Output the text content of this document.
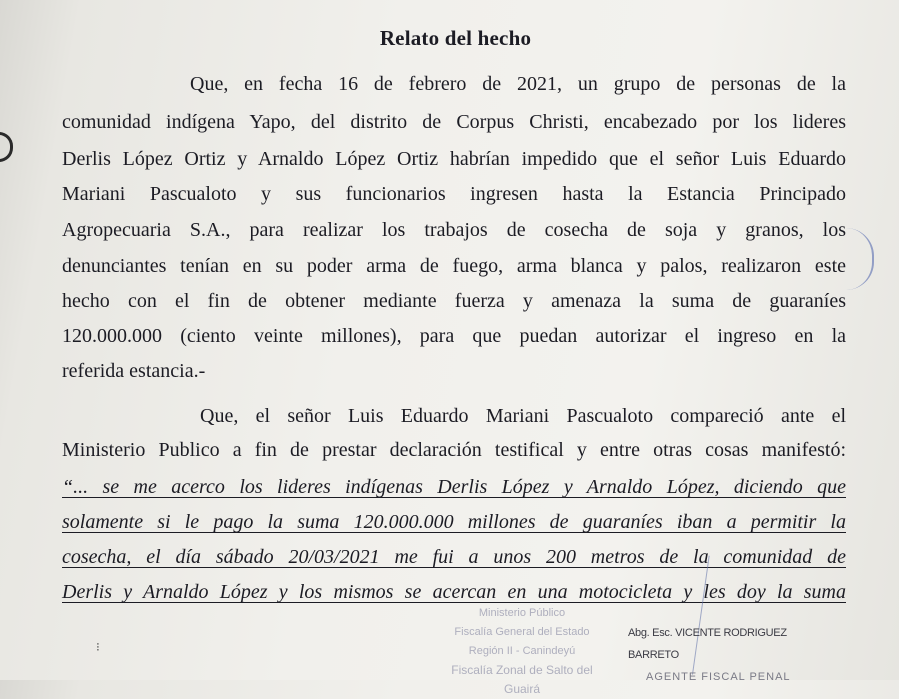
Relato del hecho
Que, en fecha 16 de febrero de 2021, un grupo de personas de la
comunidad indígena Yapo, del distrito de Corpus Christi, encabezado por los lideres
Derlis López Ortiz y Arnaldo López Ortiz habrían impedido que el señor Luis Eduardo
Mariani Pascualoto y sus funcionarios ingresen hasta la Estancia Principado
Agropecuaria S.A., para realizar los trabajos de cosecha de soja y granos, los
denunciantes tenían en su poder arma de fuego, arma blanca y palos, realizaron este
hecho con el fin de obtener mediante fuerza y amenaza la suma de guaraníes
120.000.000 (ciento veinte millones), para que puedan autorizar el ingreso en la
referida estancia.-
Que, el señor Luis Eduardo Mariani Pascualoto compareció ante el
Ministerio Publico a fin de prestar declaración testifical y entre otras cosas manifestó:
“... se me acerco los lideres indígenas Derlis López y Arnaldo López, diciendo que
solamente si le pago la suma 120.000.000 millones de guaraníes iban a permitir la
cosecha, el día sábado 20/03/2021 me fui a unos 200 metros de la comunidad de
Derlis y Arnaldo López y los mismos se acercan en una motocicleta y les doy la suma
Ministerio Público
Fiscalía General del Estado
Región II - Canindeyú
Fiscalía Zonal de Salto del Guairá
Abg. Esc. VICENTE RODRIGUEZ BARRETO
AGENTE FISCAL PENAL
⁝
